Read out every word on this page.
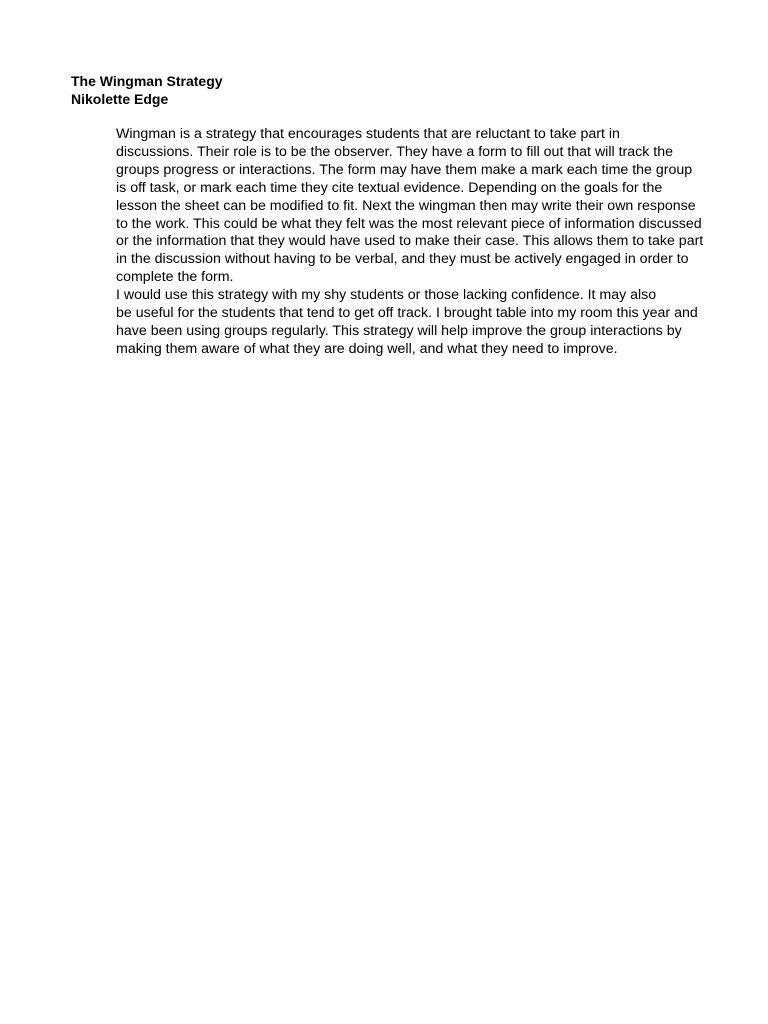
The Wingman Strategy

Nikolette Edge

Wingman is a strategy that encourages students that are reluctant to take part in
discussions. Their role is to be the observer. They have a form to fill out that will track the
groups progress or interactions. The form may have them make a mark each time the group
is off task, or mark each time they cite textual evidence. Depending on the goals for the
lesson the sheet can be modified to fit. Next the wingman then may write their own response
to the work. This could be what they felt was the most relevant piece of information discussed
or the information that they would have used to make their case. This allows them to take part
in the discussion without having to be verbal, and they must be actively engaged in order to
complete the form.

I would use this strategy with my shy students or those lacking confidence. It may also
be useful for the students that tend to get off track. I brought table into my room this year and
have been using groups regularly. This strategy will help improve the group interactions by
making them aware of what they are doing well, and what they need to improve.
